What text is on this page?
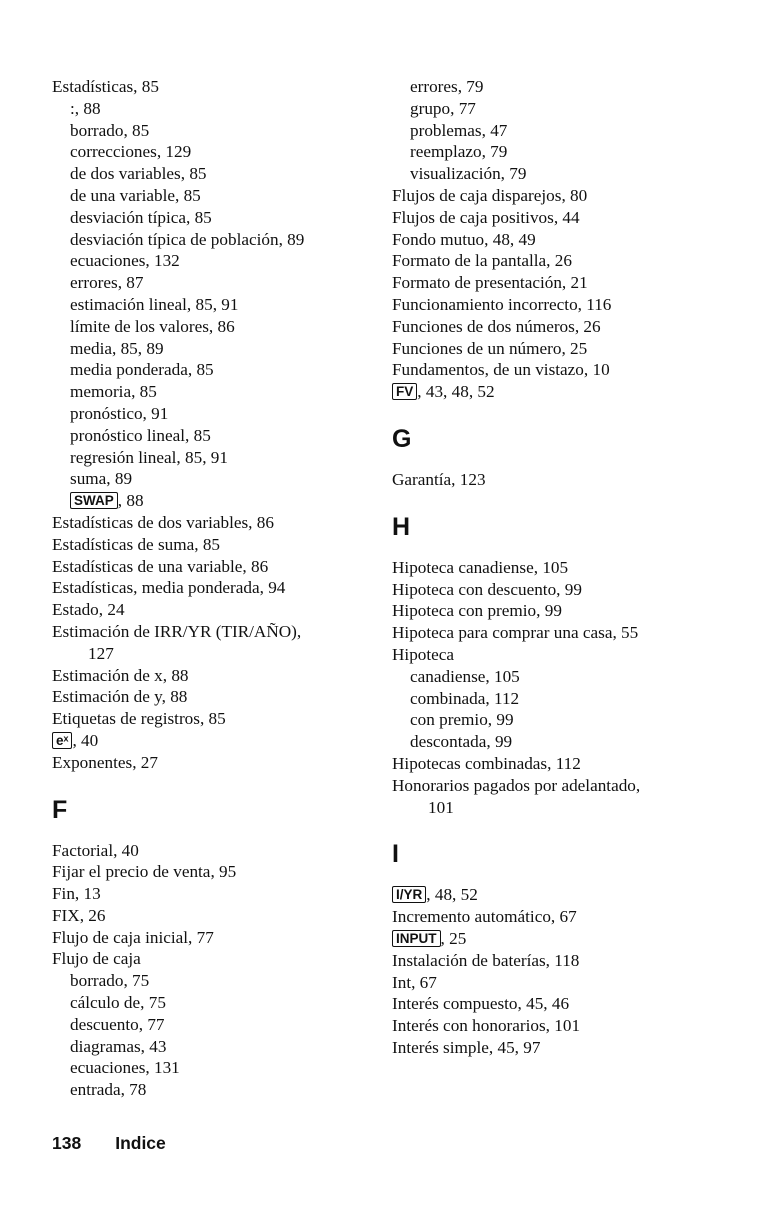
Estadísticas, 85
:, 88
borrado, 85
correcciones, 129
de dos variables, 85
de una variable, 85
desviación típica, 85
desviación típica de población, 89
ecuaciones, 132
errores, 87
estimación lineal, 85, 91
límite de los valores, 86
media, 85, 89
media ponderada, 85
memoria, 85
pronóstico, 91
pronóstico lineal, 85
regresión lineal, 85, 91
suma, 89
SWAP , 88
Estadísticas de dos variables, 86
Estadísticas de suma, 85
Estadísticas de una variable, 86
Estadísticas, media ponderada, 94
Estado, 24
Estimación de IRR/YR (TIR/AÑO),
127
Estimación de x, 88
Estimación de y, 88
Etiquetas de registros, 85
eˣ , 40
Exponentes, 27
F
Factorial, 40
Fijar el precio de venta, 95
Fin, 13
FIX, 26
Flujo de caja inicial, 77
Flujo de caja
borrado, 75
cálculo de, 75
descuento, 77
diagramas, 43
ecuaciones, 131
entrada, 78
errores, 79
grupo, 77
problemas, 47
reemplazo, 79
visualización, 79
Flujos de caja disparejos, 80
Flujos de caja positivos, 44
Fondo mutuo, 48, 49
Formato de la pantalla, 26
Formato de presentación, 21
Funcionamiento incorrecto, 116
Funciones de dos números, 26
Funciones de un número, 25
Fundamentos, de un vistazo, 10
FV , 43, 48, 52
G
Garantía, 123
H
Hipoteca canadiense, 105
Hipoteca con descuento, 99
Hipoteca con premio, 99
Hipoteca para comprar una casa, 55
Hipoteca
canadiense, 105
combinada, 112
con premio, 99
descontada, 99
Hipotecas combinadas, 112
Honorarios pagados por adelantado,
101
I
I/YR , 48, 52
Incremento automático, 67
INPUT , 25
Instalación de baterías, 118
Int, 67
Interés compuesto, 45, 46
Interés con honorarios, 101
Interés simple, 45, 97
138 Indice
